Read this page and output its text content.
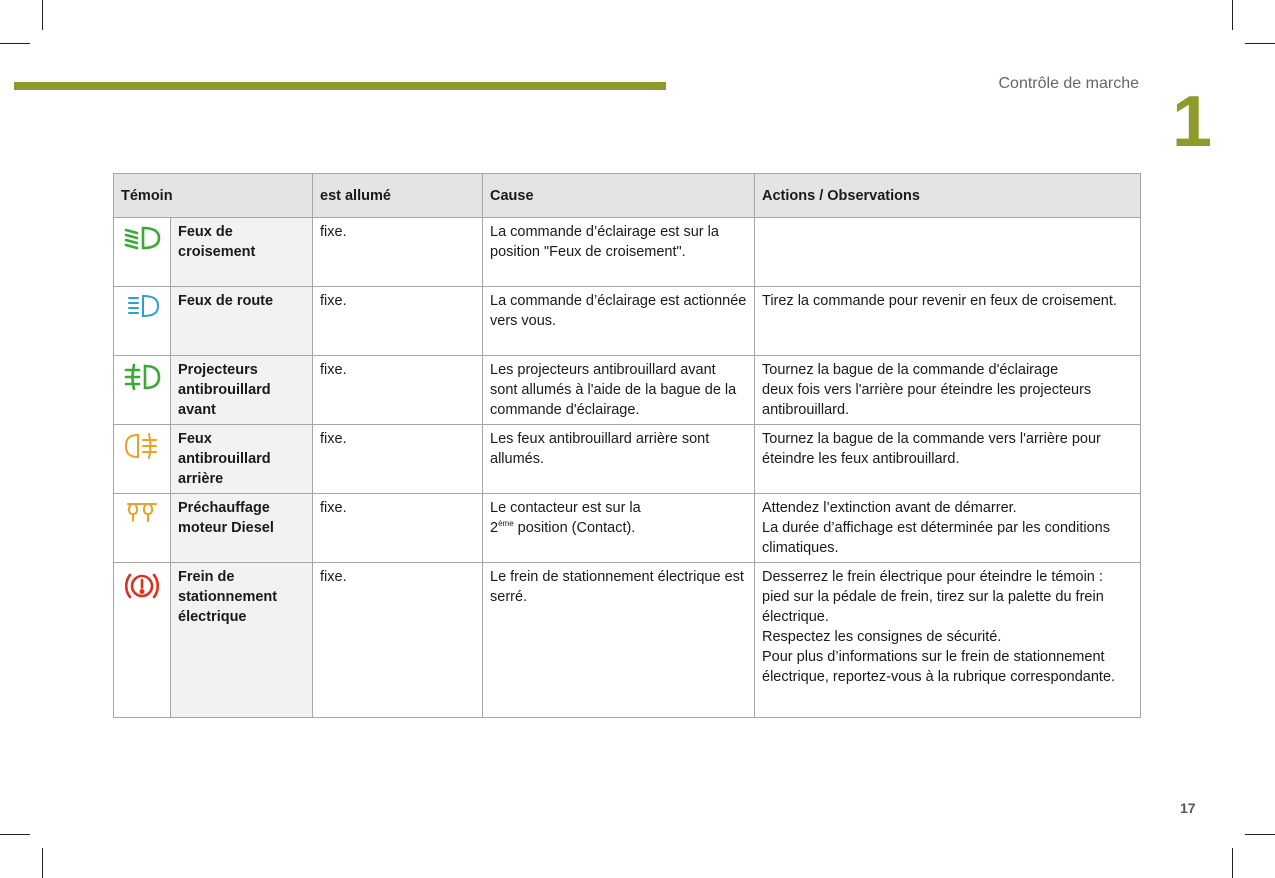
Contrôle de marche 1
Témoin		est allumé	Cause	Actions / Observations
	Feux de croisement	fixe.	La commande d’éclairage est sur la position "Feux de croisement".	
	Feux de route	fixe.	La commande d’éclairage est actionnée vers vous.	Tirez la commande pour revenir en feux de croisement.

	Projecteurs antibrouillard avant	fixe.	Les projecteurs antibrouillard avant sont allumés à l'aide de la bague de la commande d'éclairage.	Tournez la bague de la commande d'éclairage
deux fois vers l'arrière pour éteindre les projecteurs antibrouillard.

	Feux antibrouillard arrière	fixe.	Les feux antibrouillard arrière sont allumés.	Tournez la bague de la commande vers l'arrière pour éteindre les feux antibrouillard.

	Préchauffage moteur Diesel	fixe.	Le contacteur est sur la
2ème position (Contact).	Attendez l’extinction avant de démarrer.
La durée d’affichage est déterminée par les conditions climatiques.

	Frein de stationnement électrique	fixe.	Le frein de stationnement électrique est serré.	Desserrez le frein électrique pour éteindre le témoin : pied sur la pédale de frein, tirez sur la palette du frein électrique.
Respectez les consignes de sécurité.
Pour plus d’informations sur le frein de stationnement électrique, reportez-vous à la rubrique correspondante.
17
